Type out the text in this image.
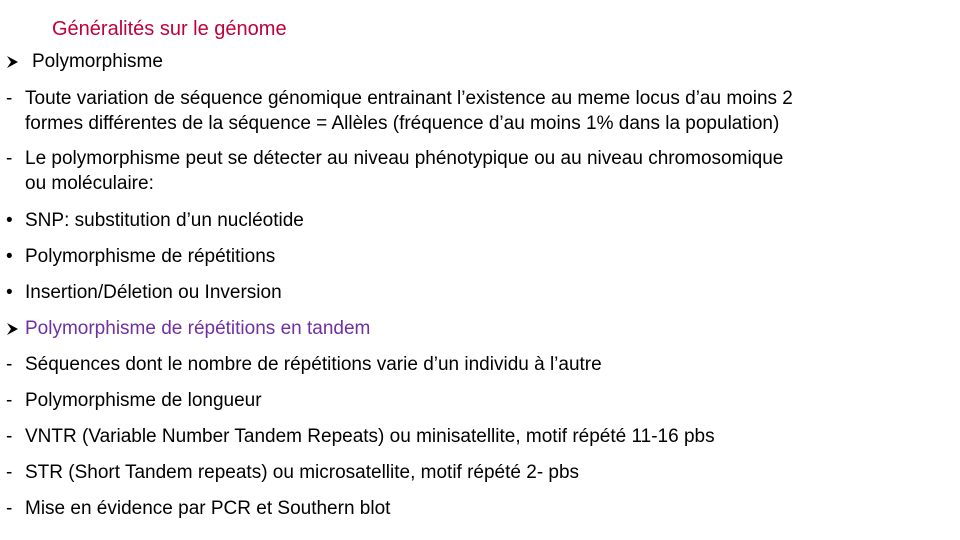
Généralités sur le génome
Polymorphisme
- Toute variation de séquence génomique entrainant l’existence au meme locus d’au moins 2
formes différentes de la séquence = Allèles (fréquence d’au moins 1% dans la population)
- Le polymorphisme peut se détecter au niveau phénotypique ou au niveau chromosomique
ou moléculaire:
• SNP: substitution d’un nucléotide
• Polymorphisme de répétitions
• Insertion/Déletion ou Inversion
Polymorphisme de répétitions en tandem
- Séquences dont le nombre de répétitions varie d’un individu à l’autre
- Polymorphisme de longueur
- VNTR (Variable Number Tandem Repeats) ou minisatellite, motif répété 11-16 pbs
- STR (Short Tandem repeats) ou microsatellite, motif répété 2- pbs
- Mise en évidence par PCR et Southern blot
